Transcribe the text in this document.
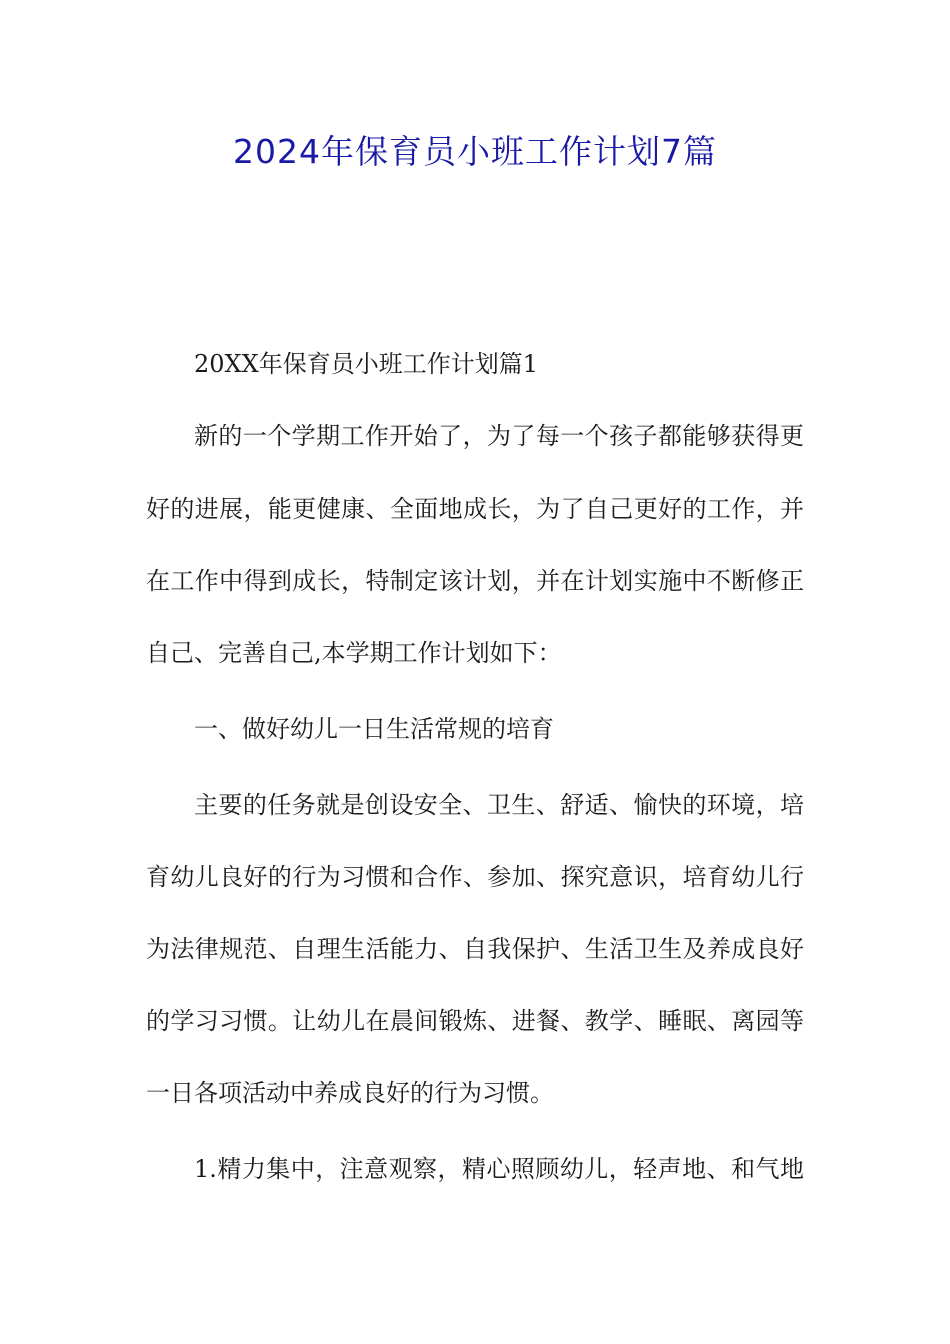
2024年保育员小班工作计划7篇

20XX年保育员小班工作计划篇1

新的一个学期工作开始了，为了每一个孩子都能够获得更

好的进展，能更健康、全面地成长，为了自己更好的工作，并

在工作中得到成长，特制定该计划，并在计划实施中不断修正

自己、完善自己,本学期工作计划如下：

一、做好幼儿一日生活常规的培育

主要的任务就是创设安全、卫生、舒适、愉快的环境，培

育幼儿良好的行为习惯和合作、参加、探究意识，培育幼儿行

为法律规范、自理生活能力、自我保护、生活卫生及养成良好

的学习习惯。让幼儿在晨间锻炼、进餐、教学、睡眠、离园等

一日各项活动中养成良好的行为习惯。

1.精力集中，注意观察，精心照顾幼儿，轻声地、和气地
